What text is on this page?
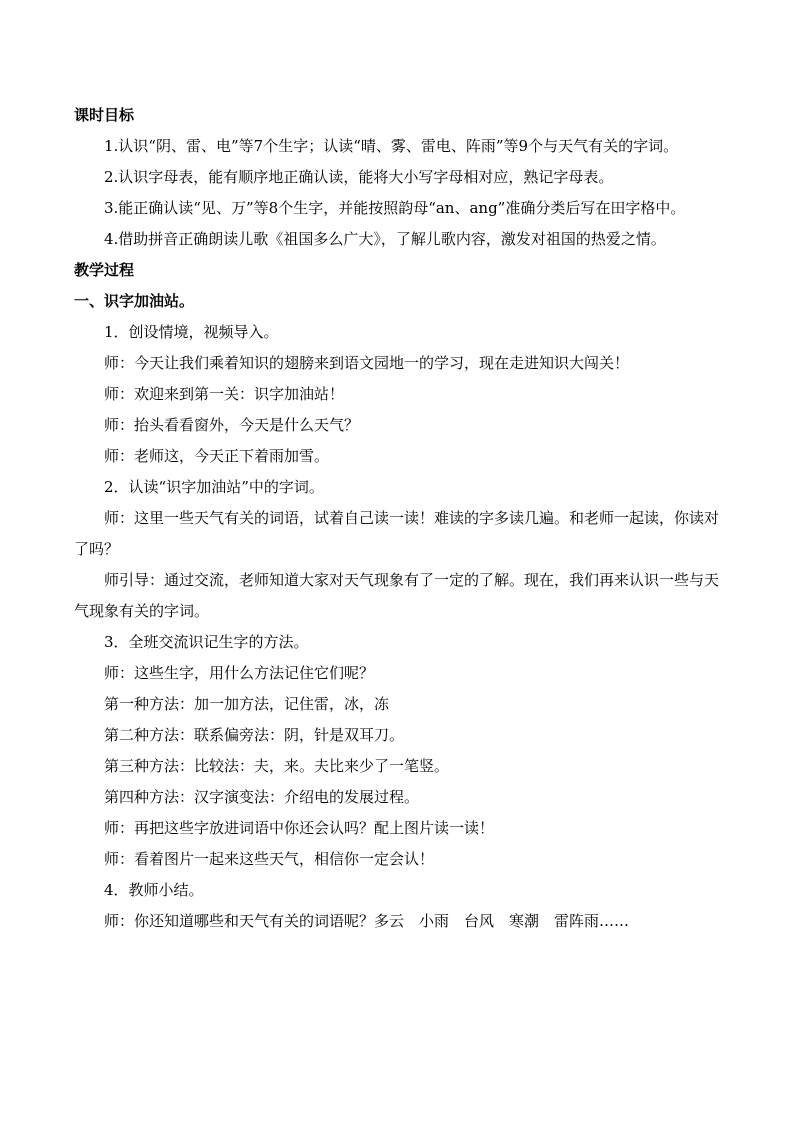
课时目标
1.认识“阴、雷、电”等7个生字；认读“晴、雾、雷电、阵雨”等9个与天气有关的字词。
2.认识字母表，能有顺序地正确认读，能将大小写字母相对应，熟记字母表。
3.能正确认读“见、万”等8个生字，并能按照韵母“an、ang”准确分类后写在田字格中。
4.借助拼音正确朗读儿歌《祖国多么广大》，了解儿歌内容，激发对祖国的热爱之情。
教学过程
一、识字加油站。
1．创设情境，视频导入。
师：今天让我们乘着知识的翅膀来到语文园地一的学习，现在走进知识大闯关！
师：欢迎来到第一关：识字加油站！
师：抬头看看窗外，今天是什么天气？
师：老师这，今天正下着雨加雪。
2．认读“识字加油站”中的字词。
师：这里一些天气有关的词语，试着自己读一读！难读的字多读几遍。和老师一起读，你读对了吗？
师引导：通过交流，老师知道大家对天气现象有了一定的了解。现在，我们再来认识一些与天气现象有关的字词。
3．全班交流识记生字的方法。
师：这些生字，用什么方法记住它们呢？
第一种方法：加一加方法，记住雷，冰，冻
第二种方法：联系偏旁法：阴，针是双耳刀。
第三种方法：比较法：夫，来。夫比来少了一笔竖。
第四种方法：汉字演变法：介绍电的发展过程。
师：再把这些字放进词语中你还会认吗？配上图片读一读！
师：看着图片一起来这些天气，相信你一定会认！
4．教师小结。
师：你还知道哪些和天气有关的词语呢？多云　小雨　台风　寒潮　雷阵雨……
